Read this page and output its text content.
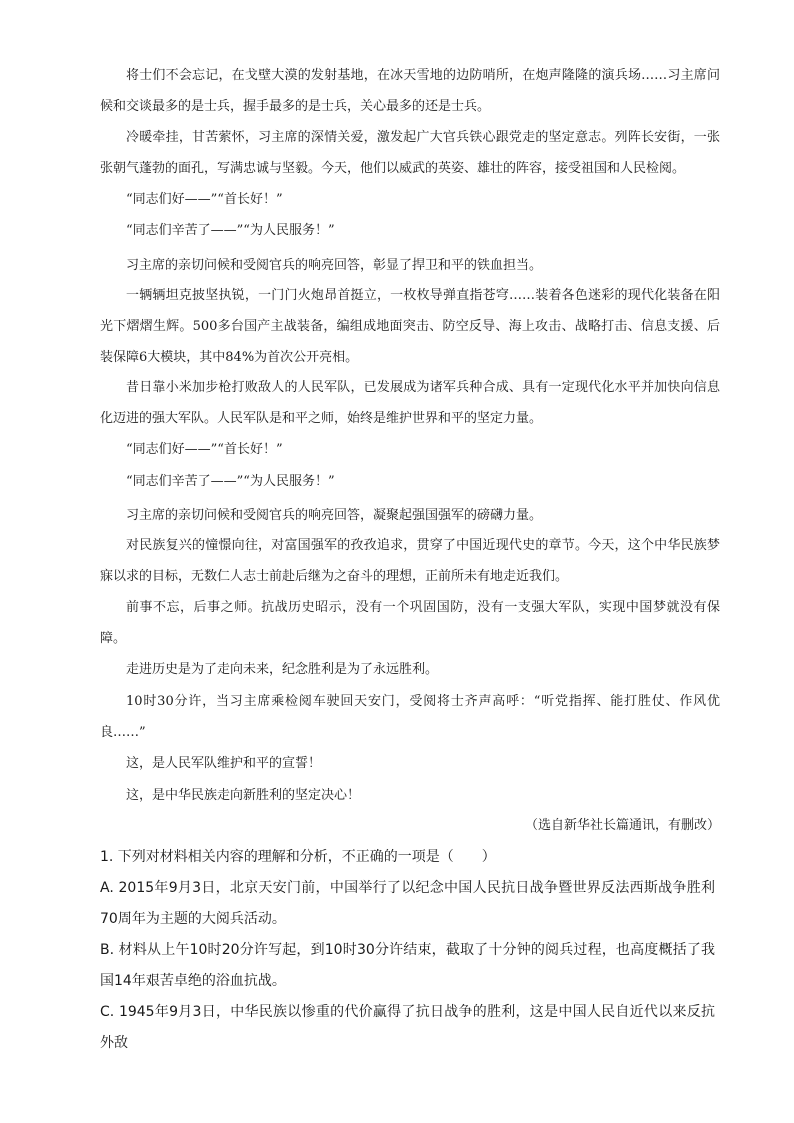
将士们不会忘记，在戈壁大漠的发射基地，在冰天雪地的边防哨所，在炮声隆隆的演兵场……习主席问候和交谈最多的是士兵，握手最多的是士兵，关心最多的还是士兵。

冷暖牵挂，甘苦萦怀，习主席的深情关爱，激发起广大官兵铁心跟党走的坚定意志。列阵长安街，一张张朝气蓬勃的面孔，写满忠诚与坚毅。今天，他们以威武的英姿、雄壮的阵容，接受祖国和人民检阅。

“同志们好——”“首长好！”

“同志们辛苦了——”“为人民服务！”

习主席的亲切问候和受阅官兵的响亮回答，彰显了捍卫和平的铁血担当。

一辆辆坦克披坚执锐，一门门火炮昂首挺立，一枚枚导弹直指苍穹……装着各色迷彩的现代化装备在阳光下熠熠生辉。500多台国产主战装备，编组成地面突击、防空反导、海上攻击、战略打击、信息支援、后装保障6大模块，其中84%为首次公开亮相。

昔日靠小米加步枪打败敌人的人民军队，已发展成为诸军兵种合成、具有一定现代化水平并加快向信息化迈进的强大军队。人民军队是和平之师，始终是维护世界和平的坚定力量。

“同志们好——”“首长好！”

“同志们辛苦了——”“为人民服务！”

习主席的亲切问候和受阅官兵的响亮回答，凝聚起强国强军的磅礴力量。

对民族复兴的憧憬向往，对富国强军的孜孜追求，贯穿了中国近现代史的章节。今天，这个中华民族梦寐以求的目标，无数仁人志士前赴后继为之奋斗的理想，正前所未有地走近我们。

前事不忘，后事之师。抗战历史昭示，没有一个巩固国防，没有一支强大军队，实现中国梦就没有保障。

走进历史是为了走向未来，纪念胜利是为了永远胜利。

10时30分许，当习主席乘检阅车驶回天安门，受阅将士齐声高呼：“听党指挥、能打胜仗、作风优良……”

这，是人民军队维护和平的宣誓！

这，是中华民族走向新胜利的坚定决心！

（选自新华社长篇通讯，有删改）

1. 下列对材料相关内容的理解和分析，不正确的一项是（　　）

A. 2015年9月3日，北京天安门前，中国举行了以纪念中国人民抗日战争暨世界反法西斯战争胜利70周年为主题的大阅兵活动。

B. 材料从上午10时20分许写起，到10时30分许结束，截取了十分钟的阅兵过程，也高度概括了我国14年艰苦卓绝的浴血抗战。

C. 1945年9月3日，中华民族以惨重的代价赢得了抗日战争的胜利，这是中国人民自近代以来反抗外敌
